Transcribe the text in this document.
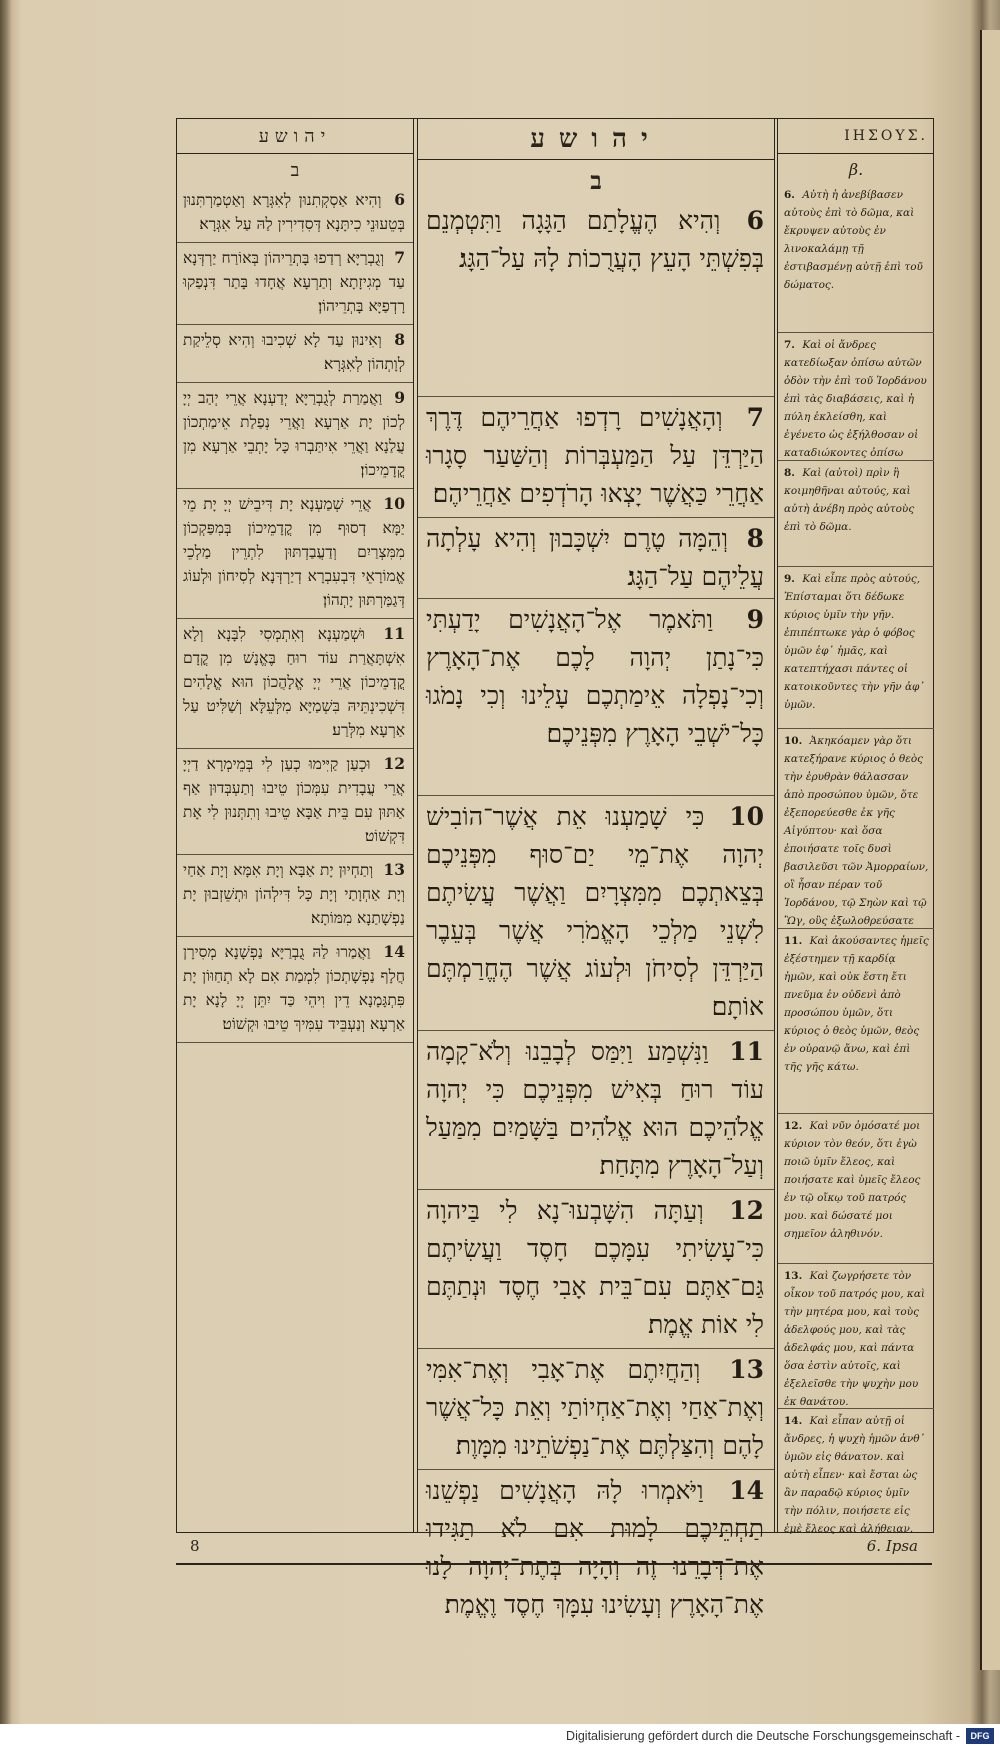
יהושע
ב
6 וְהִיא אַסְקְתִנוּן לְאִגְּרָא וְאַטְמַרְתִּנוּן בְּטֵעוּנֵי כִיתָּנָא דְּסִדִירִין לַהּ עַל אִגְּרָא׃
7 וְגֻבְרַיָּא רְדַפוּ בָּתְרֵיהוֹן בְּאוֹרַח יַרְדְּנָא עַד מְגִיזָתָא וְתַרְעָא אֲחָדוּ בָּתַר דִּנְפַקוּ רָדְפַיָּא בָּתְרֵיהוֹן׃
8 וְאִינוּן עַד לָא שְׁכִיבוּ וְהִיא סְלֵיקַת לְוָתְהוֹן לְאִגְּרָא׃
9 וַאֲמַרַת לְגֻבְרַיָּא יְדַעְנָא אֲרֵי יְהַב יְיָ לְכוֹן יָת אַרְעָא וַאֲרֵי נְפַלַת אֵימַתְכוֹן עֲלַנָא וַאֲרֵי אִיתַּבְרוּ כָּל יָתְבֵי אַרְעָא מִן קֳדָמֵיכוֹן׃
10 אֲרֵי שְׁמַעְנָא יָת דִּיבֵישׁ יְיָ יָת מֵי יַמָּא דְסוּף מִן קֳדָמֵיכוֹן בְּמִפַּקְכוֹן מִמִּצְרַיִם וְדַעֲבַדְתּוּן לִתְרֵין מַלְכֵי אֱמוֹרָאֵי דִּבְעִבְרָא דְיַרְדְּנָא לְסִיחוֹן וּלְעוֹג דְּגַמַּרְתּוּן יָתְהוֹן׃
11 וּשְׁמַעְנָא וְאִתְמְסִי לִבָּנָא וְלָא אִשְׁתָּאֲרַת עוֹד רוּחַ בֶּאֱנָשׁ מִן קֳדָם קֳדָמֵיכוֹן אֲרֵי יְיָ אֱלָהֲכוֹן הוּא אֱלָהִים דִּשְׁכִינְתֵּיהּ בִּשְׁמַיָּא מִלְּעֵלָּא וְשַׁלִּיט עַל אַרְעָא מִלְּרַע׃
12 וּכְעַן קַיִּימוּ כְעַן לִי בְּמֵימְרָא דַיְיָ אֲרֵי עֲבָדִית עִמְּכוֹן טֵיבוּ וְתַעְבְּדוּן אַף אַתּוּן עִם בֵּית אַבָּא טֵיבוּ וְתִתְּנוּן לִי אָת דִּקְשׁוֹט׃
13 וְתַחְיוּן יָת אַבָּא וְיָת אִמָּא וְיָת אַחַי וְיָת אַחְוָתַי וְיָת כָּל דִּילְהוֹן וּתְשֵׁזְבוּן יָת נַפְשָׁתַנָא מִמּוֹתָא׃
14 וַאֲמַרוּ לַהּ גֻבְרַיָּא נַפְשָׁנָא מְסִירָן חֲלָף נַפְשָׁתְכוֹן לִמְמַת אִם לָא תְחַוּוֹן יָת פִּתְגָּמָנָא דֵין וִיהֵי כַּד יִתֵּן יְיָ לָנָא יָת אַרְעָא וְנַעְבֵּיד עִמִּיךְ טֵיבוּ וּקְשׁוֹט׃
יהושע
ב
6 וְהִיא הֶעֱלָתַם הַגָּגָה וַתִּטְמְנֵם בְּפִשְׁתֵּי הָעֵץ הָעֲרֻכוֹת לָהּ עַל־הַגָּג׃
7 וְהָאֲנָשִׁים רָדְפוּ אַחֲרֵיהֶם דֶּרֶךְ הַיַּרְדֵּן עַל הַמַּעְבְּרוֹת וְהַשַּׁעַר סָגָרוּ אַחֲרֵי כַּאֲשֶׁר יָצְאוּ הָרֹדְפִים אַחֲרֵיהֶם׃
8 וְהֵמָּה טֶרֶם יִשְׁכָּבוּן וְהִיא עָלְתָה עֲלֵיהֶם עַל־הַגָּג׃
9 וַתֹּאמֶר אֶל־הָאֲנָשִׁים יָדַעְתִּי כִּי־נָתַן יְהוָה לָכֶם אֶת־הָאָרֶץ וְכִי־נָפְלָה אֵימַתְכֶם עָלֵינוּ וְכִי נָמֹגוּ כָּל־יֹשְׁבֵי הָאָרֶץ מִפְּנֵיכֶם׃
10 כִּי שָׁמַעְנוּ אֵת אֲשֶׁר־הוֹבִישׁ יְהוָה אֶת־מֵי יַם־סוּף מִפְּנֵיכֶם בְּצֵאתְכֶם מִמִּצְרָיִם וַאֲשֶׁר עֲשִׂיתֶם לִשְׁנֵי מַלְכֵי הָאֱמֹרִי אֲשֶׁר בְּעֵבֶר הַיַּרְדֵּן לְסִיחֹן וּלְעוֹג אֲשֶׁר הֶחֱרַמְתֶּם אוֹתָם׃
11 וַנִּשְׁמַע וַיִּמַּס לְבָבֵנוּ וְלֹא־קָמָה עוֹד רוּחַ בְּאִישׁ מִפְּנֵיכֶם כִּי יְהוָה אֱלֹהֵיכֶם הוּא אֱלֹהִים בַּשָּׁמַיִם מִמַּעַל וְעַל־הָאָרֶץ מִתָּחַת׃
12 וְעַתָּה הִשָּׁבְעוּ־נָא לִי בַּיהוָה כִּי־עָשִׂיתִי עִמָּכֶם חָסֶד וַעֲשִׂיתֶם גַּם־אַתֶּם עִם־בֵּית אָבִי חֶסֶד וּנְתַתֶּם לִי אוֹת אֱמֶת׃
13 וְהַחֲיִתֶם אֶת־אָבִי וְאֶת־אִמִּי וְאֶת־אַחַי וְאֶת־אַחְיוֹתַי וְאֵת כָּל־אֲשֶׁר לָהֶם וְהִצַּלְתֶּם אֶת־נַפְשֹׁתֵינוּ מִמָּוֶת׃
14 וַיֹּאמְרוּ לָהּ הָאֲנָשִׁים נַפְשֵׁנוּ תַחְתֵּיכֶם לָמוּת אִם לֹא תַגִּידוּ אֶת־דְּבָרֵנוּ זֶה וְהָיָה בְּתֶת־יְהוָה לָנוּ אֶת־הָאָרֶץ וְעָשִׂינוּ עִמָּךְ חֶסֶד וֶאֱמֶת׃
ΙΗΣΟΥΣ.
β.
6. Αὐτὴ ἡ ἀνεβίβασεν αὐτοὺς ἐπὶ τὸ δῶμα, καὶ ἔκρυψεν αὐτοὺς ἐν λινοκαλάμῃ τῇ ἐστιβασμένῃ αὐτῇ ἐπὶ τοῦ δώματος.
7. Καὶ οἱ ἄνδρες κατεδίωξαν ὀπίσω αὐτῶν ὁδὸν τὴν ἐπὶ τοῦ Ἰορδάνου ἐπὶ τὰς διαβάσεις, καὶ ἡ πύλη ἐκλείσθη, καὶ ἐγένετο ὡς ἐξήλθοσαν οἱ καταδιώκοντες ὀπίσω
8. Καὶ (αὐτοὶ) πρὶν ἢ κοιμηθῆναι αὐτούς, καὶ αὐτὴ ἀνέβη πρὸς αὐτοὺς ἐπὶ τὸ δῶμα.
9. Καὶ εἶπε πρὸς αὐτούς, Ἐπίσταμαι ὅτι δέδωκε κύριος ὑμῖν τὴν γῆν. ἐπιπέπτωκε γὰρ ὁ φόβος ὑμῶν ἐφ᾽ ἡμᾶς, καὶ κατεπτήχασι πάντες οἱ κατοικοῦντες τὴν γῆν ἀφ᾽ ὑμῶν.
10. Ἀκηκόαμεν γὰρ ὅτι κατεξήρανε κύριος ὁ θεὸς τὴν ἐρυθρὰν θάλασσαν ἀπὸ προσώπου ὑμῶν, ὅτε ἐξεπορεύεσθε ἐκ γῆς Αἰγύπτου· καὶ ὅσα ἐποιήσατε τοῖς δυσὶ βασιλεῦσι τῶν Ἀμορραίων, οἳ ἦσαν πέραν τοῦ Ἰορδάνου, τῷ Σηὼν καὶ τῷ Ὢγ, οὓς ἐξωλοθρεύσατε
11. Καὶ ἀκούσαντες ἡμεῖς ἐξέστημεν τῇ καρδίᾳ ἡμῶν, καὶ οὐκ ἔστη ἔτι πνεῦμα ἐν οὐδενὶ ἀπὸ προσώπου ὑμῶν, ὅτι κύριος ὁ θεὸς ὑμῶν, θεὸς ἐν οὐρανῷ ἄνω, καὶ ἐπὶ τῆς γῆς κάτω.
12. Καὶ νῦν ὀμόσατέ μοι κύριον τὸν θεόν, ὅτι ἐγὼ ποιῶ ὑμῖν ἔλεος, καὶ ποιήσατε καὶ ὑμεῖς ἔλεος ἐν τῷ οἴκῳ τοῦ πατρός μου. καὶ δώσατέ μοι σημεῖον ἀληθινόν.
13. Καὶ ζωγρήσετε τὸν οἶκον τοῦ πατρός μου, καὶ τὴν μητέρα μου, καὶ τοὺς ἀδελφούς μου, καὶ τὰς ἀδελφάς μου, καὶ πάντα ὅσα ἐστὶν αὐτοῖς, καὶ ἐξελεῖσθε τὴν ψυχὴν μου ἐκ θανάτου.
14. Καὶ εἶπαν αὐτῇ οἱ ἄνδρες, ἡ ψυχὴ ἡμῶν ἀνθ᾽ ὑμῶν εἰς θάνατον. καὶ αὐτὴ εἶπεν· καὶ ἔσται ὡς ἂν παραδῷ κύριος ὑμῖν τὴν πόλιν, ποιήσετε εἰς ἐμὲ ἔλεος καὶ ἀλήθειαν.
8	6. Ipsa
Digitalisierung gefördert durch die Deutsche Forschungsgemeinschaft -	DFG
